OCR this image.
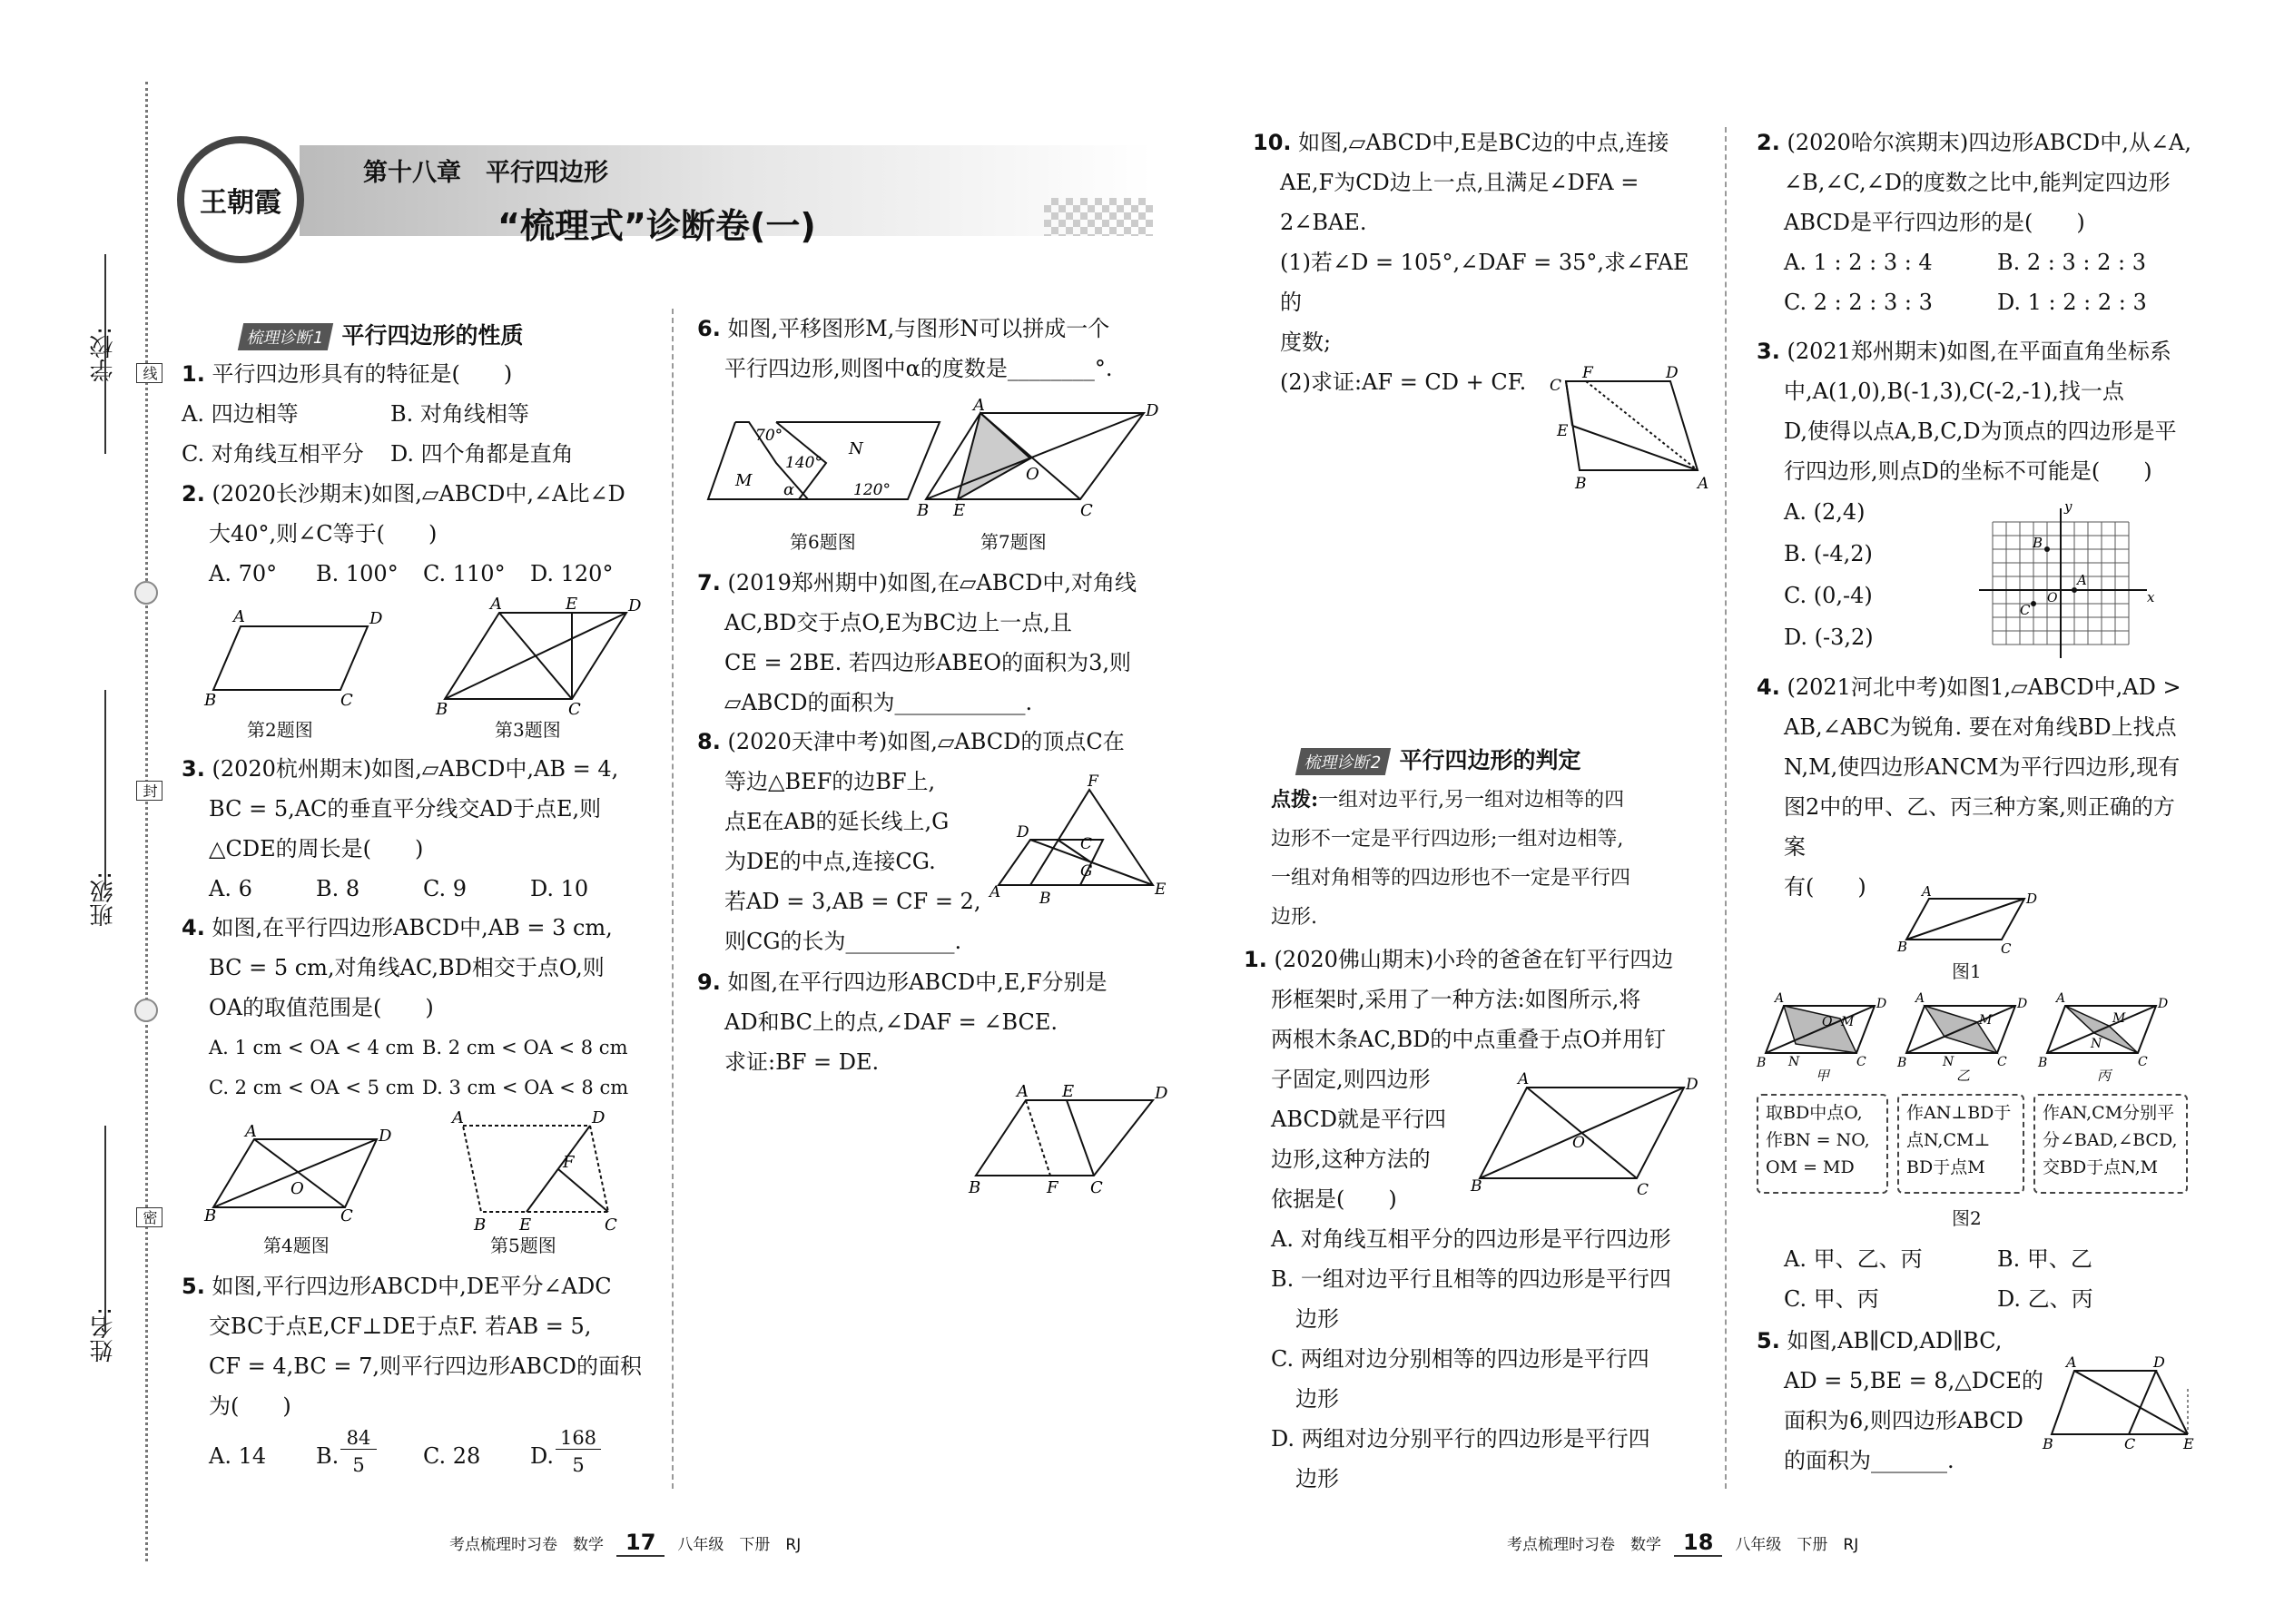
学校:
班级:
姓名:
线
封
密
王朝霞
第十八章　平行四边形
“梳理式”诊断卷(一)
梳理诊断1 平行四边形的性质

1. 平行四边形具有的特征是(　　)

A. 四边相等	B. 对角线相等
C. 对角线互相平分	D. 四个角都是直角

2. (2020长沙期末)如图,▱ABCD中,∠A比∠D

大40°,则∠C等于(　　)

A. 70°	B. 100°	C. 110°	D. 120°
A	D
B	C
A	E	D
B	C
第2题图	第3题图

3. (2020杭州期末)如图,▱ABCD中,AB = 4,

BC = 5,AC的垂直平分线交AD于点E,则

△CDE的周长是(　　)

A. 6	B. 8	C. 9	D. 10

4. 如图,在平行四边形ABCD中,AB = 3 cm,

BC = 5 cm,对角线AC,BD相交于点O,则

OA的取值范围是(　　)

A. 1 cm < OA < 4 cm B. 2 cm < OA < 8 cm
C. 2 cm < OA < 5 cm D. 3 cm < OA < 8 cm
A	D
B	C
O
A	D
B E	C
F
第4题图	第5题图

5. 如图,平行四边形ABCD中,DE平分∠ADC

交BC于点E,CF⊥DE于点F. 若AB = 5,

CF = 4,BC = 7,则平行四边形ABCD的面积

为(　　)

A. 14 B.
84
5	C. 28 D.
168
5

6. 如图,平移图形M,与图形N可以拼成一个

平行四边形,则图中α的度数是________°.

70°
140°
120°
M
N
α
A	D
B E	C
O
第6题图	第7题图

7. (2019郑州期中)如图,在▱ABCD中,对角线

AC,BD交于点O,E为BC边上一点,且

CE = 2BE. 若四边形ABEO的面积为3,则

▱ABCD的面积为____________.

8. (2020天津中考)如图,▱ABCD的顶点C在

等边△BEF的边BF上,

点E在AB的延长线上,G

为DE的中点,连接CG.

若AD = 3,AB = CF = 2,

则CG的长为__________.

F
D
C
A	B	E
G

9. 如图,在平行四边形ABCD中,E,F分别是

AD和BC上的点,∠DAF = ∠BCE.

求证:BF = DE.

A E	D
B	F C

10. 如图,▱ABCD中,E是BC边的中点,连接

AE,F为CD边上一点,且满足∠DFA =

2∠BAE.

(1)若∠D = 105°,∠DAF = 35°,求∠FAE的

度数;

(2)求证:AF = CD + CF.	C
F	D
E
B	A
梳理诊断2 平行四边形的判定

点拨:一组对边平行,另一组对边相等的四

边形不一定是平行四边形;一组对边相等,

一组对角相等的四边形也不一定是平行四

边形.

1. (2020佛山期末)小玲的爸爸在钉平行四边

形框架时,采用了一种方法:如图所示,将

两根木条AC,BD的中点重叠于点O并用钉

子固定,则四边形

ABCD就是平行四

边形,这种方法的

依据是(　　)

A. 对角线互相平分的四边形是平行四边形

B. 一组对边平行且相等的四边形是平行四

边形

C. 两组对边分别相等的四边形是平行四

边形

D. 两组对边分别平行的四边形是平行四

边形

A	D
B	C
O

2. (2020哈尔滨期末)四边形ABCD中,从∠A,

∠B,∠C,∠D的度数之比中,能判定四边形

ABCD是平行四边形的是(　　)

A. 1 : 2 : 3 : 4	B. 2 : 3 : 2 : 3
C. 2 : 2 : 3 : 3	D. 1 : 2 : 2 : 3

3. (2021郑州期末)如图,在平面直角坐标系

中,A(1,0),B(-1,3),C(-2,-1),找一点

D,使得以点A,B,C,D为顶点的四边形是平

行四边形,则点D的坐标不可能是(　　)

A. (2,4)

B. (-4,2)

C. (0,-4)

D. (-3,2)

x
y
A
B
C
O

4. (2021河北中考)如图1,▱ABCD中,AD >

AB,∠ABC为锐角. 要在对角线BD上找点

N,M,使四边形ANCM为平行四边形,现有

图2中的甲、乙、丙三种方案,则正确的方案

有(　　)	A	D
B	C
图1
A	D
B N	C
M
O
甲
A	D
B	N	C
M
乙
A	D
B
N
C
M
丙
取BD中点O,
作BN = NO,
OM = MD
作AN⊥BD于
点N,CM⊥
BD于点M
作AN,CM分别平
分∠BAD,∠BCD,
交BD于点N,M
图2
A. 甲、乙、丙	B. 甲、乙
C. 甲、丙	D. 乙、丙

5. 如图,AB∥CD,AD∥BC,

AD = 5,BE = 8,△DCE的

面积为6,则四边形ABCD

的面积为_______.

A	D
B	C	E
考点梳理时习卷　数学 17 八年级　下册　RJ	考点梳理时习卷　数学 18 八年级　下册　RJ
